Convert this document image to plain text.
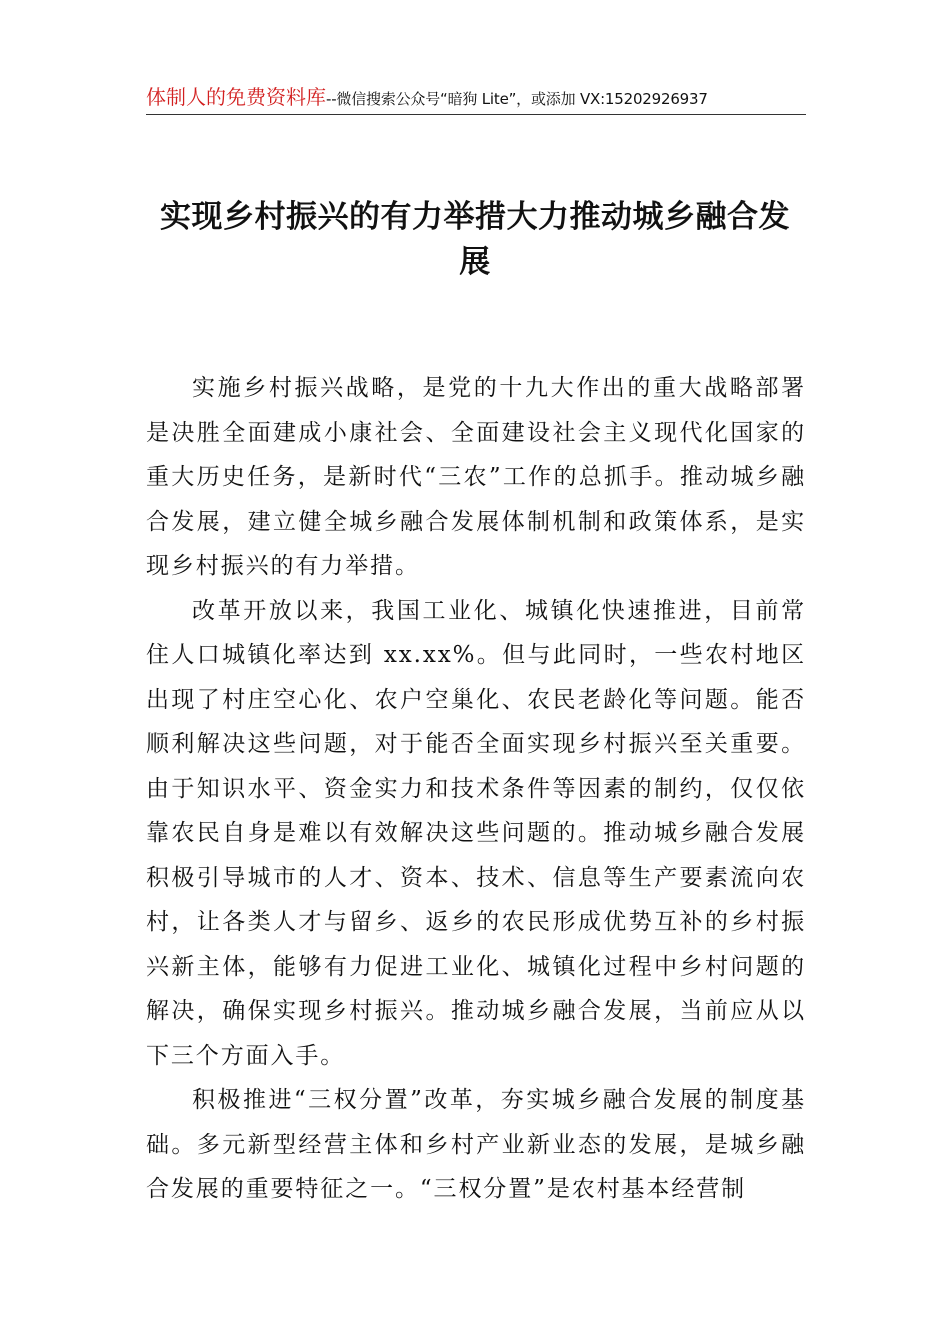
体制人的免费资料库--微信搜索公众号“暗狗 Lite”，或添加 VX:15202926937
实现乡村振兴的有力举措大力推动城乡融合发展

实施乡村振兴战略，是党的十九大作出的重大战略部署是决胜全面建成小康社会、全面建设社会主义现代化国家的重大历史任务，是新时代“三农”工作的总抓手。推动城乡融合发展，建立健全城乡融合发展体制机制和政策体系，是实现乡村振兴的有力举措。

改革开放以来，我国工业化、城镇化快速推进，目前常住人口城镇化率达到 xx.xx%。但与此同时，一些农村地区出现了村庄空心化、农户空巢化、农民老龄化等问题。能否顺利解决这些问题，对于能否全面实现乡村振兴至关重要。由于知识水平、资金实力和技术条件等因素的制约，仅仅依靠农民自身是难以有效解决这些问题的。推动城乡融合发展积极引导城市的人才、资本、技术、信息等生产要素流向农村，让各类人才与留乡、返乡的农民形成优势互补的乡村振兴新主体，能够有力促进工业化、城镇化过程中乡村问题的解决，确保实现乡村振兴。推动城乡融合发展，当前应从以下三个方面入手。

积极推进“三权分置”改革，夯实城乡融合发展的制度基础。多元新型经营主体和乡村产业新业态的发展，是城乡融合发展的重要特征之一。“三权分置”是农村基本经营制
